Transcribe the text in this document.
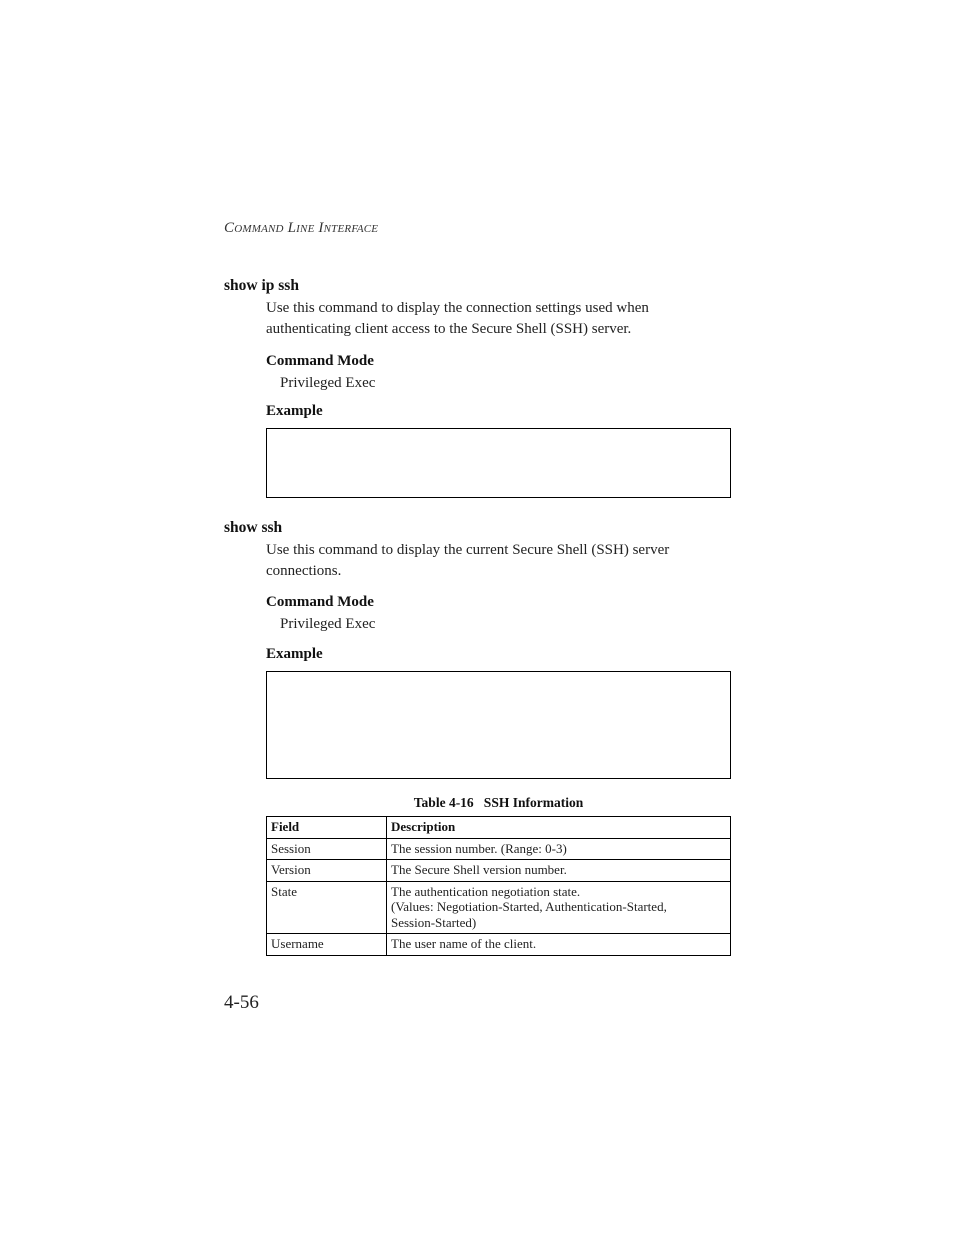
Command Line Interface
show ip ssh
Use this command to display the connection settings used when
authenticating client access to the Secure Shell (SSH) server.
Command Mode
Privileged Exec
Example
show ssh
Use this command to display the current Secure Shell (SSH) server
connections.
Command Mode
Privileged Exec
Example
Table 4-16   SSH Information
Field	Description
Session	The session number. (Range: 0-3)

Version	The Secure Shell version number.

State	The authentication negotiation state.
(Values: Negotiation-Started, Authentication-Started,
Session-Started)

Username	The user name of the client.
4-56
